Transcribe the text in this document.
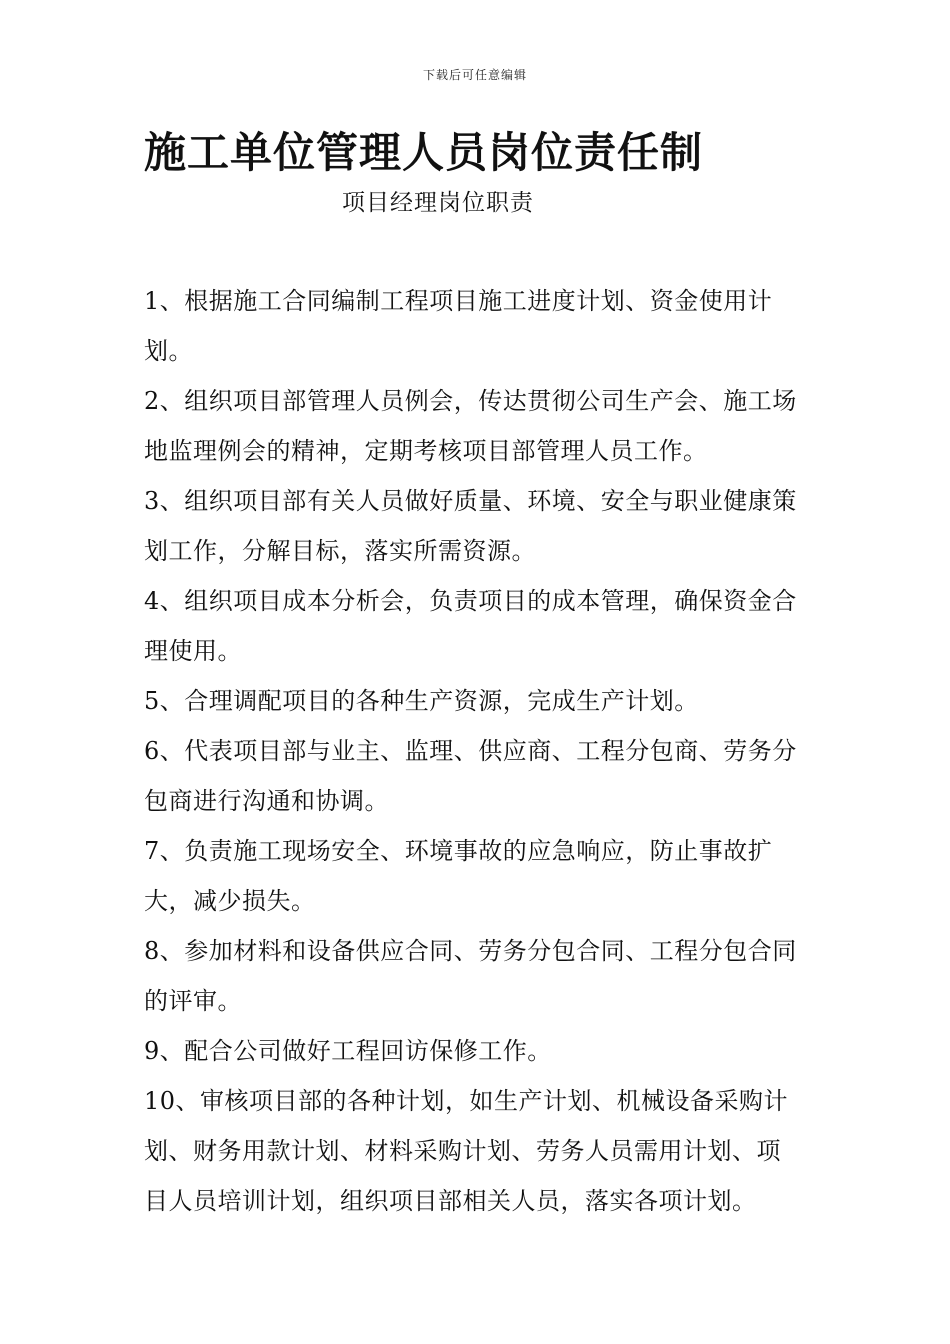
下载后可任意编辑
施工单位管理人员岗位责任制
项目经理岗位职责

1、根据施工合同编制工程项目施工进度计划、资金使用计划。

2、组织项目部管理人员例会，传达贯彻公司生产会、施工场地监理例会的精神，定期考核项目部管理人员工作。

3、组织项目部有关人员做好质量、环境、安全与职业健康策划工作，分解目标，落实所需资源。

4、组织项目成本分析会，负责项目的成本管理，确保资金合理使用。

5、合理调配项目的各种生产资源，完成生产计划。

6、代表项目部与业主、监理、供应商、工程分包商、劳务分包商进行沟通和协调。

7、负责施工现场安全、环境事故的应急响应，防止事故扩大，减少损失。

8、参加材料和设备供应合同、劳务分包合同、工程分包合同的评审。

9、配合公司做好工程回访保修工作。

10、审核项目部的各种计划，如生产计划、机械设备采购计划、财务用款计划、材料采购计划、劳务人员需用计划、项目人员培训计划，组织项目部相关人员，落实各项计划。
